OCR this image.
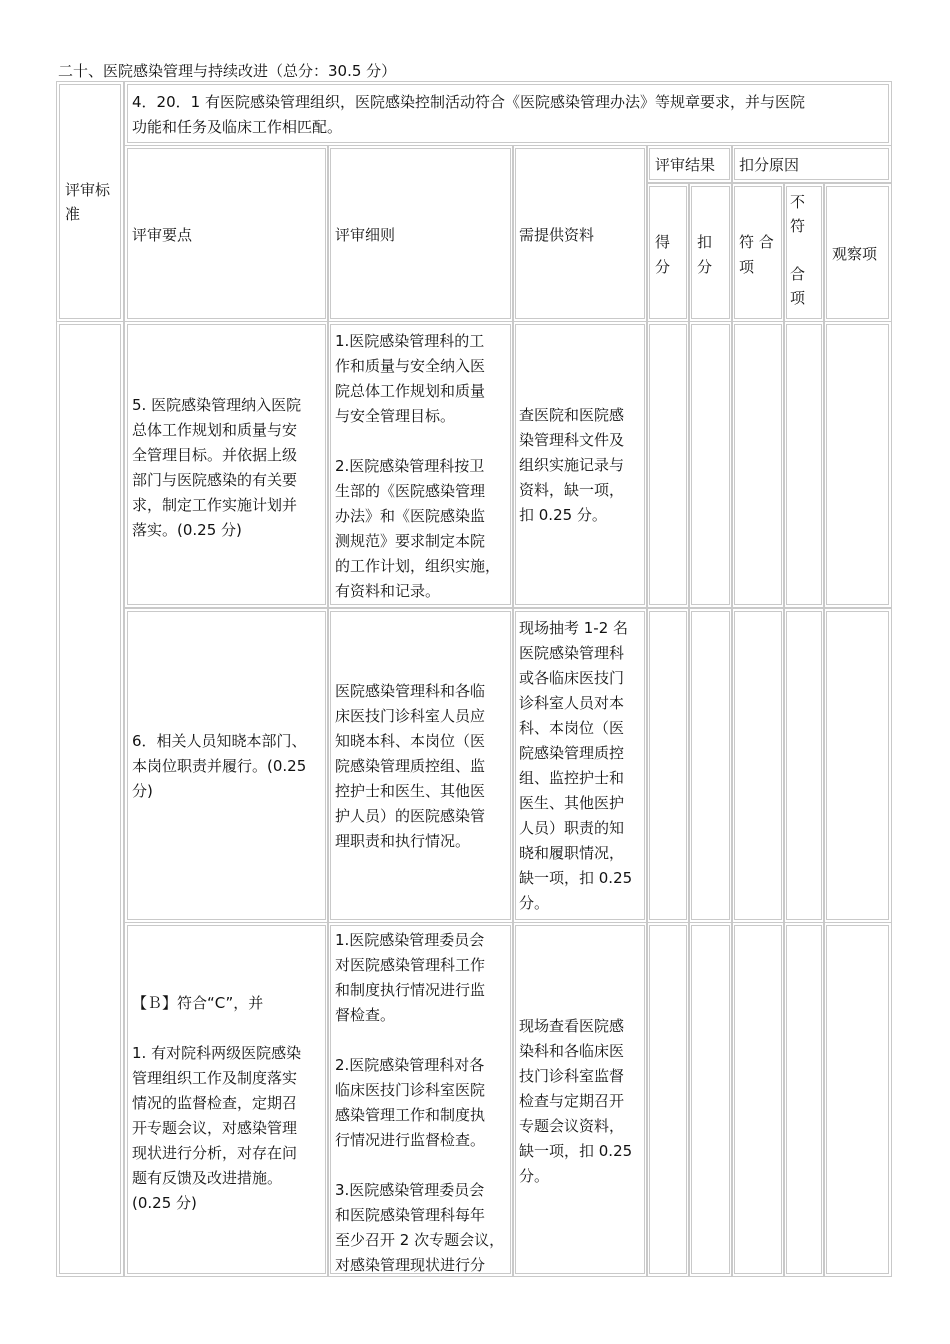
二十、医院感染管理与持续改进（总分：30.5 分）
评审标准
4．20．1 有医院感染管理组织，医院感染控制活动符合《医院感染管理办法》等规章要求，并与医院
功能和任务及临床工作相匹配。
评审要点	评审细则	需提供资料
评审结果 扣分原因
得
分
扣
分
符 合
项
不
符

合
项
观察项
5. 医院感染管理纳入医院
总体工作规划和质量与安
全管理目标。并依据上级
部门与医院感染的有关要
求，制定工作实施计划并
落实。(0.25 分)
1.医院感染管理科的工
作和质量与安全纳入医
院总体工作规划和质量
与安全管理目标。

2.医院感染管理科按卫
生部的《医院感染管理
办法》和《医院感染监
测规范》要求制定本院
的工作计划，组织实施，
有资料和记录。
查医院和医院感
染管理科文件及
组织实施记录与
资料，缺一项，
扣 0.25 分。
6．相关人员知晓本部门、
本岗位职责并履行。(0.25
分)
医院感染管理科和各临
床医技门诊科室人员应
知晓本科、本岗位（医
院感染管理质控组、监
控护士和医生、其他医
护人员）的医院感染管
理职责和执行情况。
现场抽考 1-2 名
医院感染管理科
或各临床医技门
诊科室人员对本
科、本岗位（医
院感染管理质控
组、监控护士和
医生、其他医护
人员）职责的知
晓和履职情况，
缺一项，扣 0.25
分。
【Ｂ】符合“C”，并

1. 有对院科两级医院感染
管理组织工作及制度落实
情况的监督检查，定期召
开专题会议，对感染管理
现状进行分析，对存在问
题有反馈及改进措施。
(0.25 分)
1.医院感染管理委员会
对医院感染管理科工作
和制度执行情况进行监
督检查。

2.医院感染管理科对各
临床医技门诊科室医院
感染管理工作和制度执
行情况进行监督检查。

3.医院感染管理委员会
和医院感染管理科每年
至少召开 2 次专题会议，
对感染管理现状进行分
现场查看医院感
染科和各临床医
技门诊科室监督
检查与定期召开
专题会议资料，
缺一项，扣 0.25
分。
